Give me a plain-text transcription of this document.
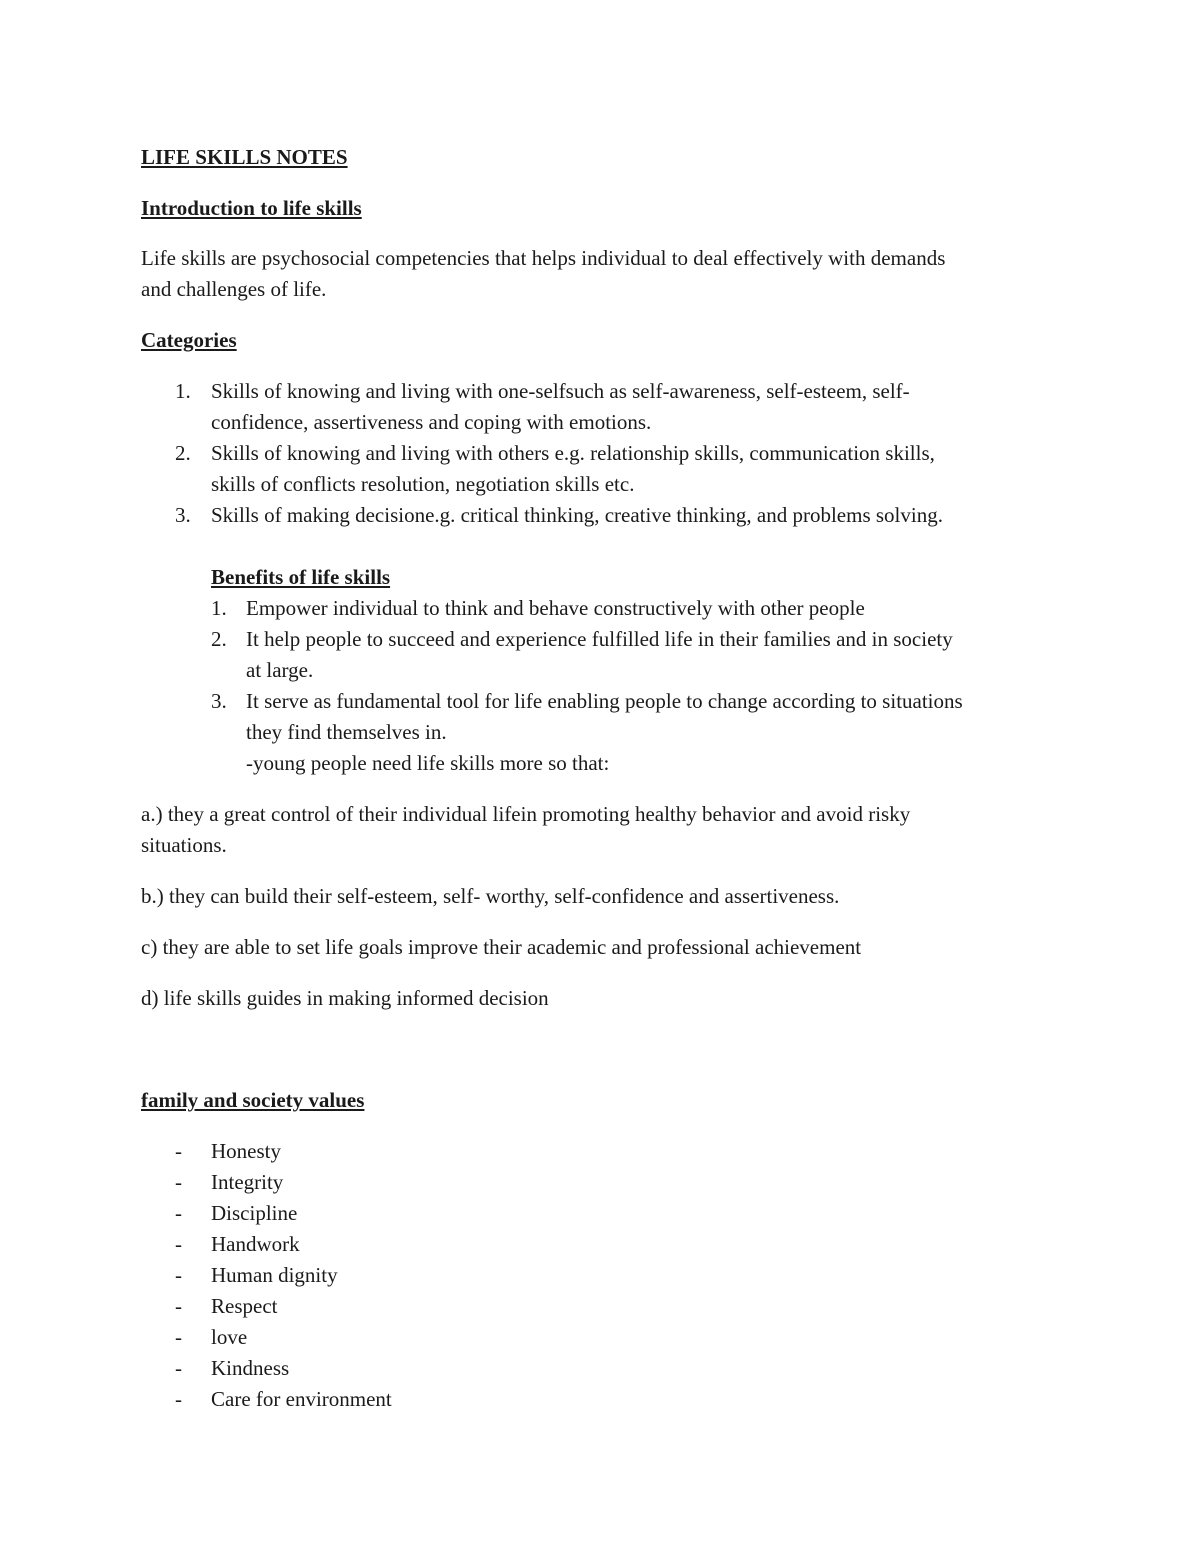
LIFE SKILLS NOTES
Introduction to life skills
Life skills are psychosocial competencies that helps individual to deal effectively with demands
and challenges of life.
Categories
1. Skills of knowing and living with one-selfsuch as self-awareness, self-esteem, self-
confidence, assertiveness and coping with emotions.
2. Skills of knowing and living with others e.g. relationship skills, communication skills,
skills of conflicts resolution, negotiation skills etc.
3. Skills of making decisione.g. critical thinking, creative thinking, and problems solving.
Benefits of life skills
1. Empower individual to think and behave constructively with other people
2. It help people to succeed and experience fulfilled life in their families and in society
at large.
3. It serve as fundamental tool for life enabling people to change according to situations
they find themselves in.
-young people need life skills more so that:
a.) they a great control of their individual lifein promoting healthy behavior and avoid risky
situations.
b.) they can build their self-esteem, self- worthy, self-confidence and assertiveness.
c) they are able to set life goals improve their academic and professional achievement
d) life skills guides in making informed decision
family and society values
- Honesty
- Integrity
- Discipline
- Handwork
- Human dignity
- Respect
- love
- Kindness
- Care for environment
